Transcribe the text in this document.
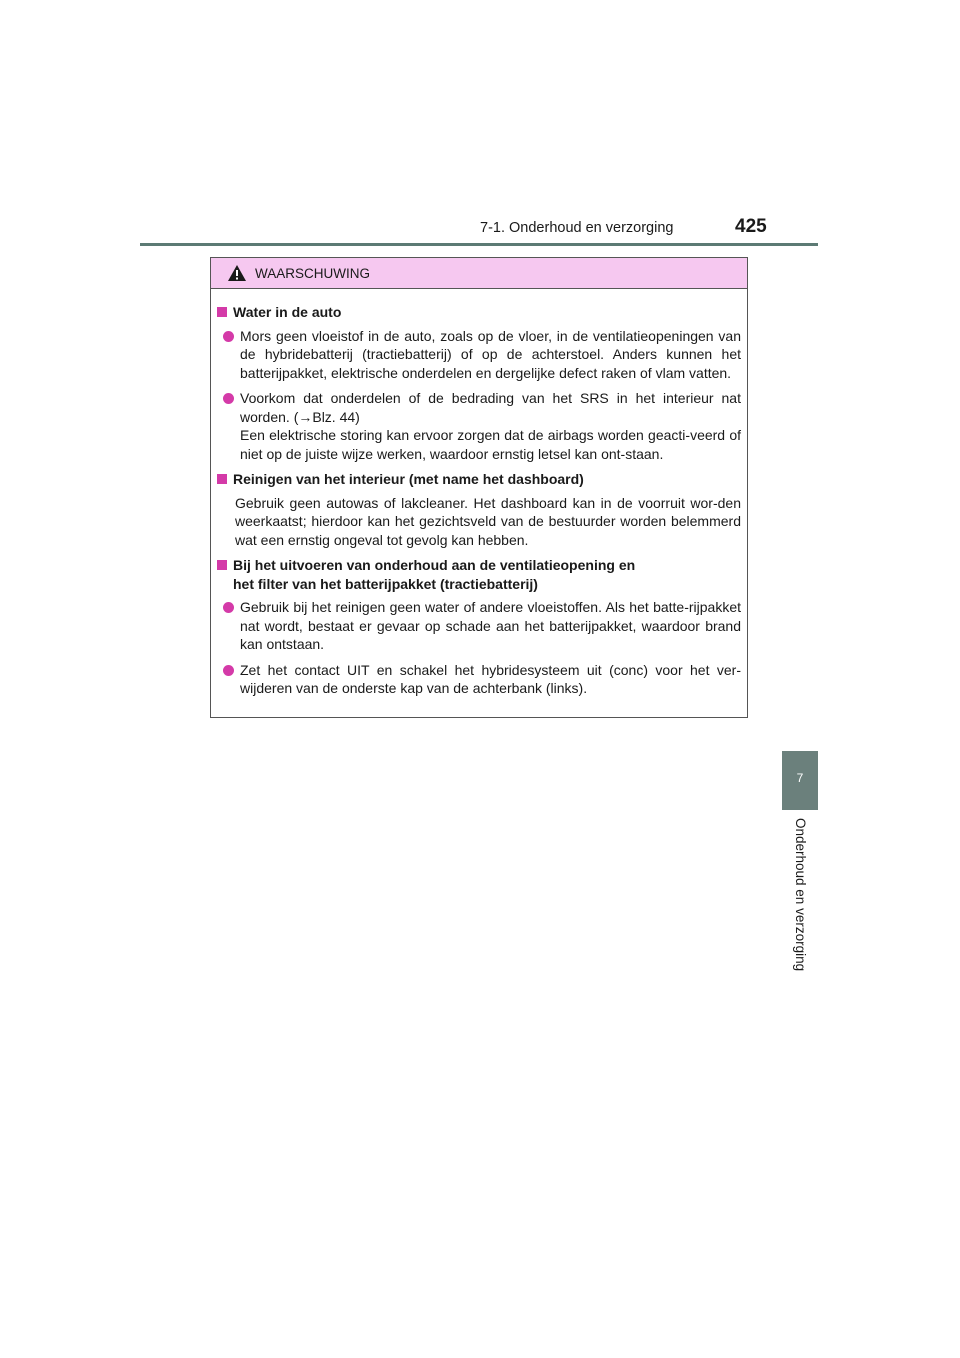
7-1. Onderhoud en verzorging	425
7
Onderhoud en verzorging
WAARSCHUWING
Water in de auto
Mors geen vloeistof in de auto, zoals op de vloer, in de ventilatieopeningen van de hybridebatterij (tractiebatterij) of op de achterstoel. Anders kunnen het batterijpakket, elektrische onderdelen en dergelijke defect raken of vlam vatten.
Voorkom dat onderdelen of de bedrading van het SRS in het interieur nat worden. (→Blz. 44)
Een elektrische storing kan ervoor zorgen dat de airbags worden geacti-veerd of niet op de juiste wijze werken, waardoor ernstig letsel kan ont-staan.
Reinigen van het interieur (met name het dashboard)
Gebruik geen autowas of lakcleaner. Het dashboard kan in de voorruit wor-den weerkaatst; hierdoor kan het gezichtsveld van de bestuurder worden belemmerd wat een ernstig ongeval tot gevolg kan hebben.
Bij het uitvoeren van onderhoud aan de ventilatieopening en
het filter van het batterijpakket (tractiebatterij)
Gebruik bij het reinigen geen water of andere vloeistoffen. Als het batte-rijpakket nat wordt, bestaat er gevaar op schade aan het batterijpakket, waardoor brand kan ontstaan.
Zet het contact UIT en schakel het hybridesysteem uit (conc) voor het ver-wijderen van de onderste kap van de achterbank (links).
